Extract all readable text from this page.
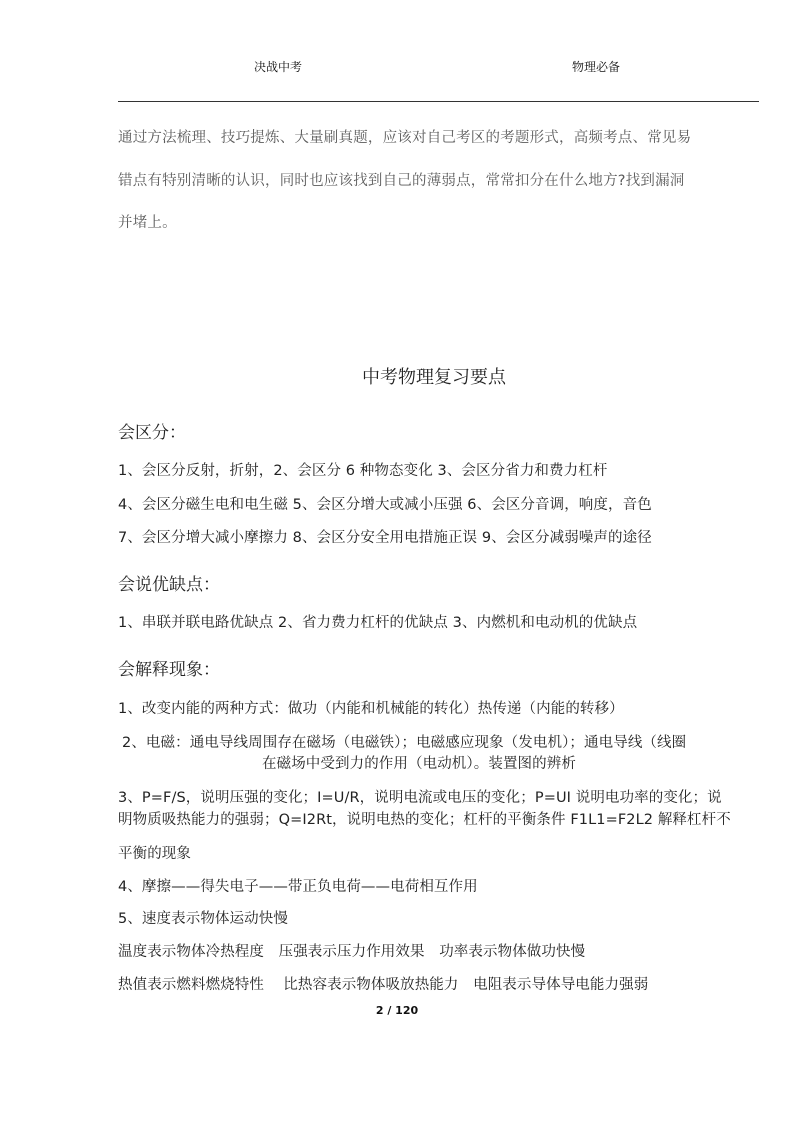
决战中考	物理必备
通过方法梳理、技巧提炼、大量刷真题，应该对自己考区的考题形式，高频考点、常见易
错点有特别清晰的认识，同时也应该找到自己的薄弱点，常常扣分在什么地方?找到漏洞
并堵上。
中考物理复习要点
会区分：
1、会区分反射，折射，2、会区分 6 种物态变化 3、会区分省力和费力杠杆
4、会区分磁生电和电生磁 5、会区分增大或减小压强 6、会区分音调，响度，音色
7、会区分增大减小摩擦力 8、会区分安全用电措施正误 9、会区分减弱噪声的途径
会说优缺点：
1、串联并联电路优缺点 2、省力费力杠杆的优缺点 3、内燃机和电动机的优缺点
会解释现象：
1、改变内能的两种方式：做功（内能和机械能的转化）热传递（内能的转移）
2、电磁：通电导线周围存在磁场（电磁铁）；电磁感应现象（发电机）；通电导线（线圈
在磁场中受到力的作用（电动机）。装置图的辨析
3、P=F/S，说明压强的变化；I=U/R，说明电流或电压的变化；P=UI 说明电功率的变化；说
明物质吸热能力的强弱；Q=I2Rt，说明电热的变化；杠杆的平衡条件 F1L1=F2L2 解释杠杆不
平衡的现象
4、摩擦——得失电子——带正负电荷——电荷相互作用
5、速度表示物体运动快慢
温度表示物体冷热程度　压强表示压力作用效果　功率表示物体做功快慢
热值表示燃料燃烧特性　 比热容表示物体吸放热能力　电阻表示导体导电能力强弱
2 / 120
